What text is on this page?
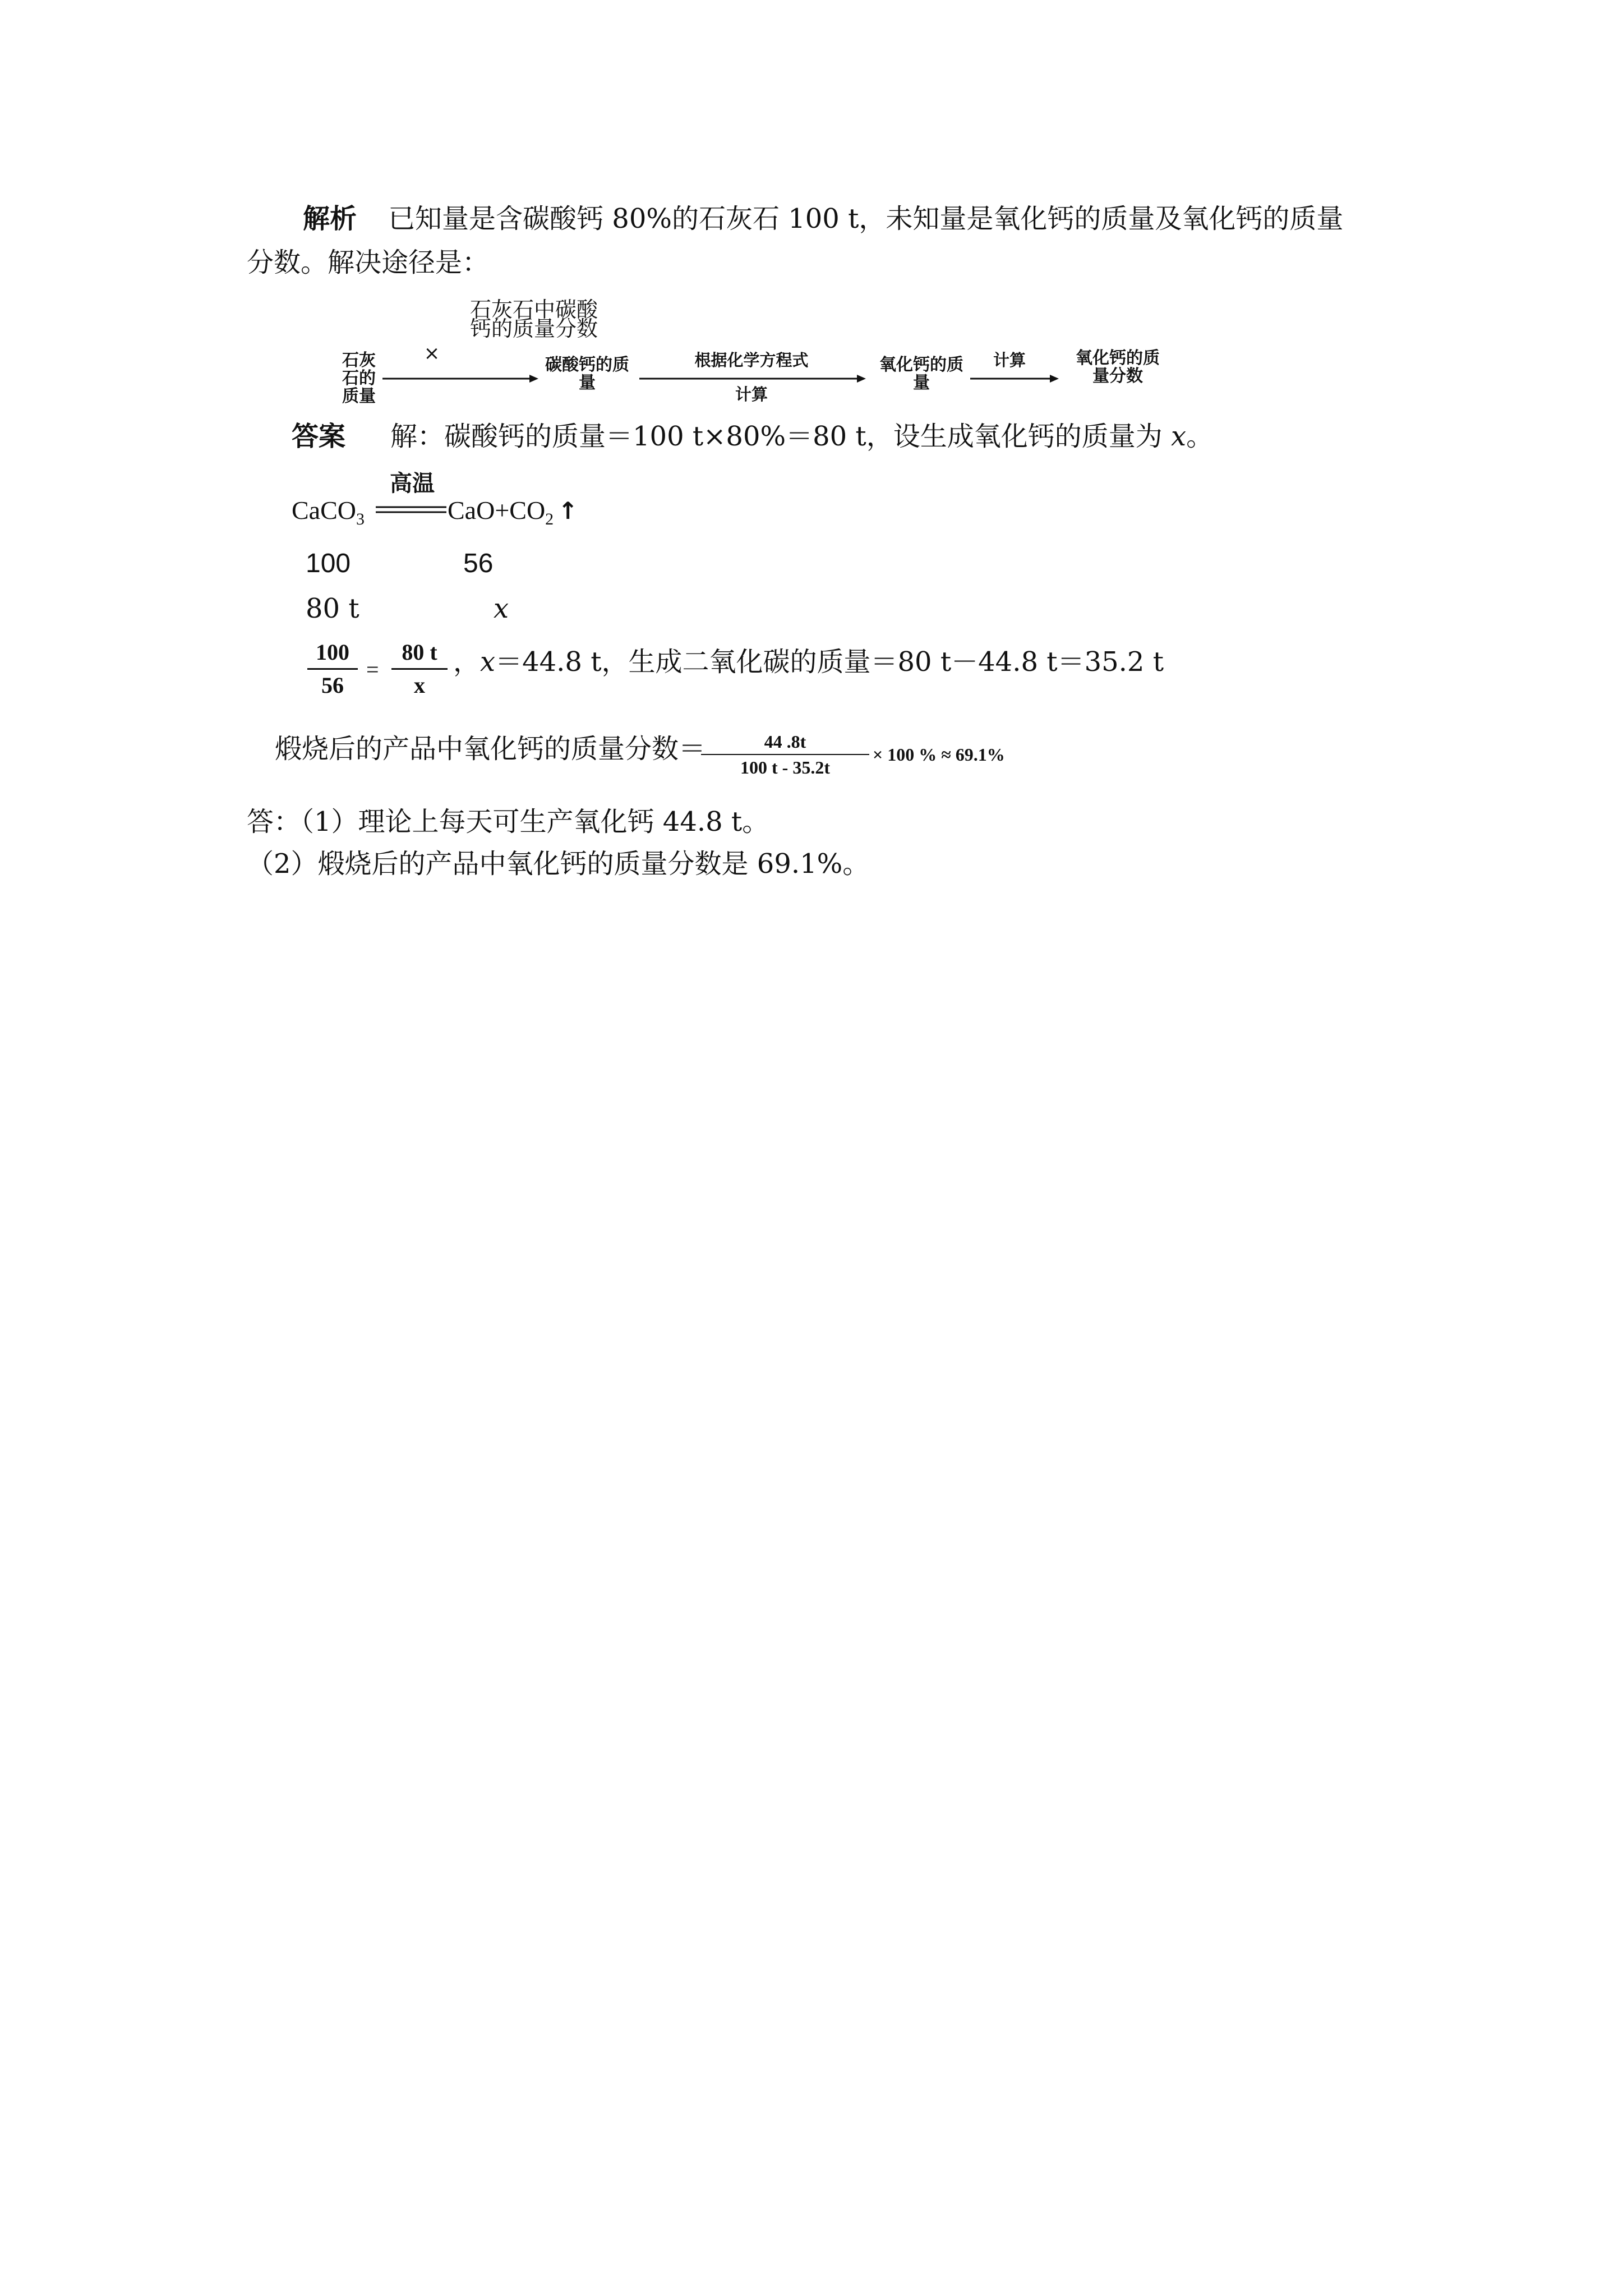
解析 已知量是含碳酸钙 80%的石灰石 100 t，未知量是氧化钙的质量及氧化钙的质量
分数。解决途径是：
石灰石的质量
×
石灰石中碳酸钙的质量分数
碳酸钙的质量
根据化学方程式
计算
氧化钙的质量
计算	氧化钙的质量分数
答案 解：碳酸钙的质量＝100 t×80%＝80 t，设生成氧化钙的质量为 x。
高温
CaCO$_3$	$CaO+CO_2$ ↑
100	56
80 t	x
100
56
=
80 t
x
，x＝44.8 t，生成二氧化碳的质量＝80 t－44.8 t＝35.2 t
煅烧后的产品中氧化钙的质量分数＝	44 .8t
100 t - 35.2t
× 100 % ≈ 69.1%
答：（1）理论上每天可生产氧化钙 44.8 t。
（2）煅烧后的产品中氧化钙的质量分数是 69.1%。
